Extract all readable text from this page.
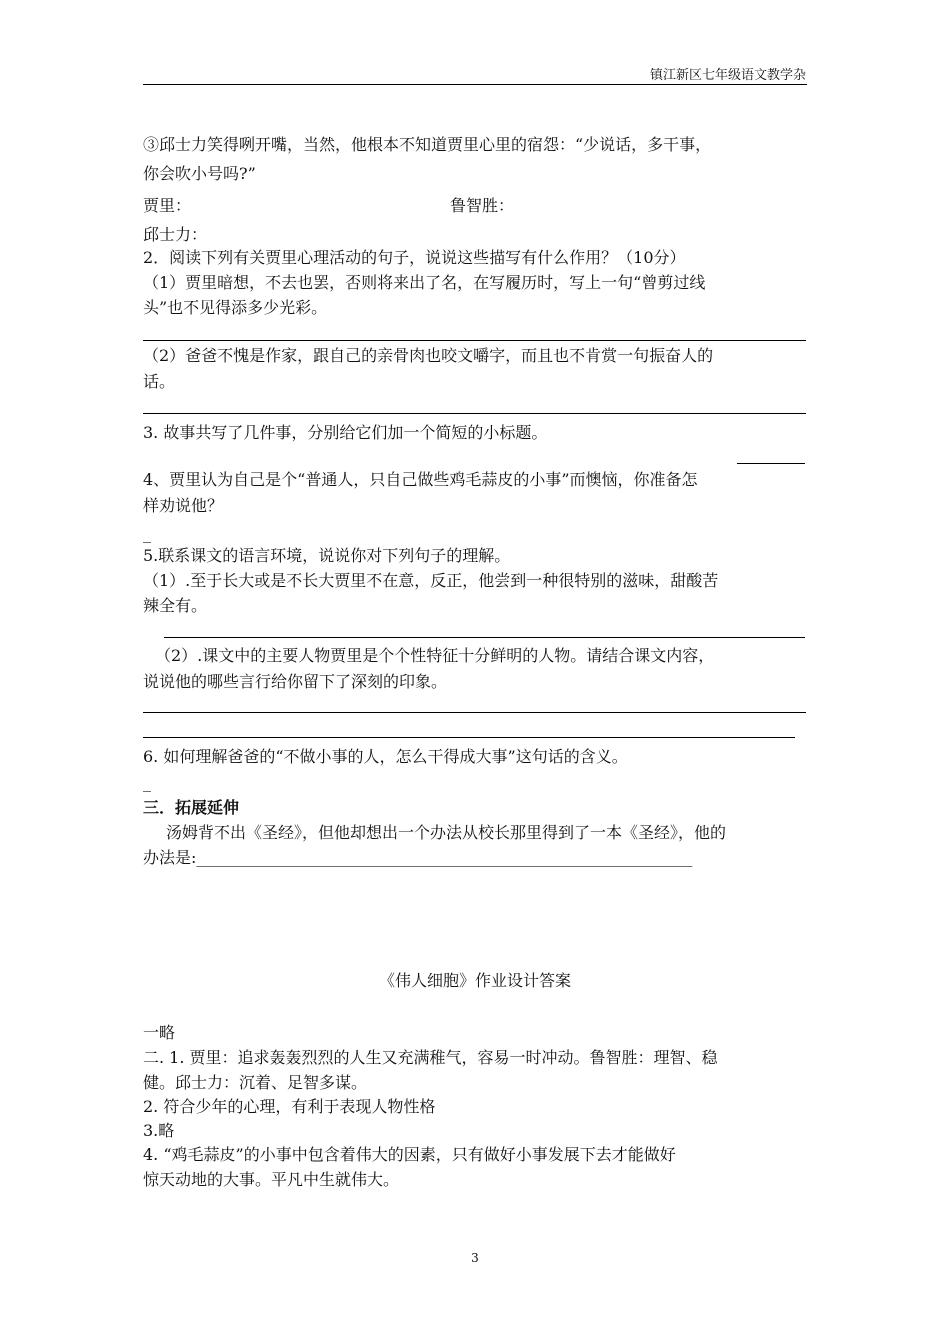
镇江新区七年级语文教学杂
③邱士力笑得咧开嘴，当然，他根本不知道贾里心里的宿怨：“少说话，多干事，
你会吹小号吗?”
贾里：	鲁智胜：
邱士力：
2．阅读下列有关贾里心理活动的句子，说说这些描写有什么作用？（10分）
（1）贾里暗想，不去也罢，否则将来出了名，在写履历时，写上一句“曾剪过线
头”也不见得添多少光彩。
（2）爸爸不愧是作家，跟自己的亲骨肉也咬文嚼字，而且也不肯赏一句振奋人的
话。
3. 故事共写了几件事，分别给它们加一个简短的小标题。
4、贾里认为自己是个“普通人，只自己做些鸡毛蒜皮的小事”而懊恼，你准备怎
样劝说他？
_
5.联系课文的语言环境，说说你对下列句子的理解。
（1）.至于长大或是不长大贾里不在意，反正，他尝到一种很特别的滋味，甜酸苦
辣全有。
（2）.课文中的主要人物贾里是个个性特征十分鲜明的人物。请结合课文内容，
说说他的哪些言行给你留下了深刻的印象。
6. 如何理解爸爸的“不做小事的人，怎么干得成大事”这句话的含义。
_
三．拓展延伸
汤姆背不出《圣经》，但他却想出一个办法从校长那里得到了一本《圣经》，他的
办法是:______________________________________________________________
《伟人细胞》作业设计答案
一略
二. 1. 贾里：追求轰轰烈烈的人生又充满稚气，容易一时冲动。鲁智胜：理智、稳
健。邱士力：沉着、足智多谋。
2. 符合少年的心理，有利于表现人物性格
3.略
4. “鸡毛蒜皮”的小事中包含着伟大的因素，只有做好小事发展下去才能做好
惊天动地的大事。平凡中生就伟大。
3
